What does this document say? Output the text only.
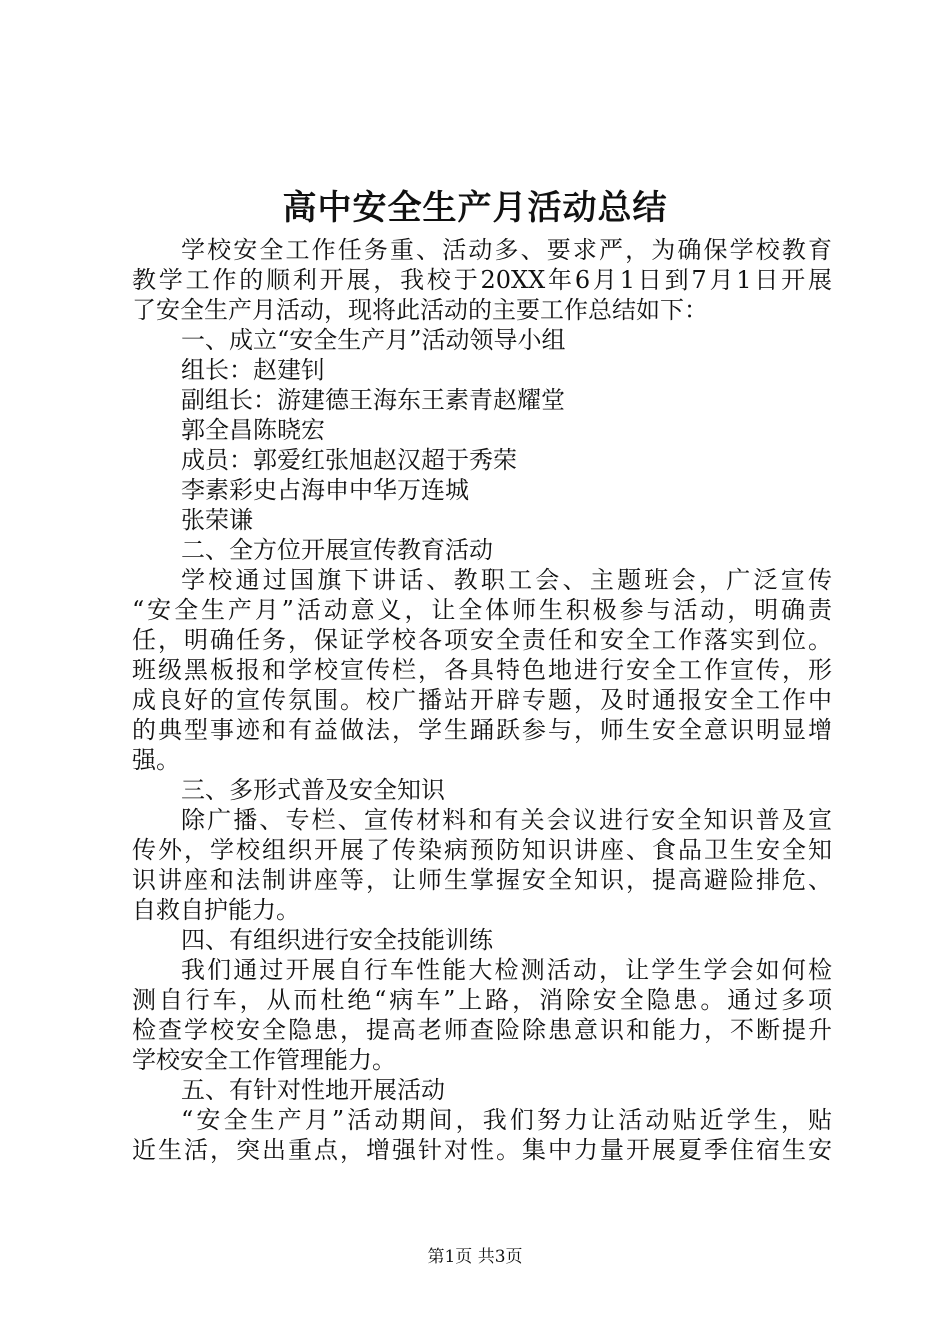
高中安全生产月活动总结
学校安全工作任务重、活动多、要求严，为确保学校教育
教学工作的顺利开展，我校于20XX年6月1日到7月1日开展
了安全生产月活动，现将此活动的主要工作总结如下：
一、成立“安全生产月”活动领导小组
组长：赵建钊
副组长：游建德王海东王素青赵耀堂
郭全昌陈晓宏
成员：郭爱红张旭赵汉超于秀荣
李素彩史占海申中华万连城
张荣谦
二、全方位开展宣传教育活动
学校通过国旗下讲话、教职工会、主题班会，广泛宣传
“安全生产月”活动意义，让全体师生积极参与活动，明确责
任，明确任务，保证学校各项安全责任和安全工作落实到位。
班级黑板报和学校宣传栏，各具特色地进行安全工作宣传，形
成良好的宣传氛围。校广播站开辟专题，及时通报安全工作中
的典型事迹和有益做法，学生踊跃参与，师生安全意识明显增
强。
三、多形式普及安全知识
除广播、专栏、宣传材料和有关会议进行安全知识普及宣
传外，学校组织开展了传染病预防知识讲座、食品卫生安全知
识讲座和法制讲座等，让师生掌握安全知识，提高避险排危、
自救自护能力。
四、有组织进行安全技能训练
我们通过开展自行车性能大检测活动，让学生学会如何检
测自行车，从而杜绝“病车”上路，消除安全隐患。通过多项
检查学校安全隐患，提高老师查险除患意识和能力，不断提升
学校安全工作管理能力。
五、有针对性地开展活动
“安全生产月”活动期间，我们努力让活动贴近学生，贴
近生活，突出重点，增强针对性。集中力量开展夏季住宿生安
第1页 共3页
